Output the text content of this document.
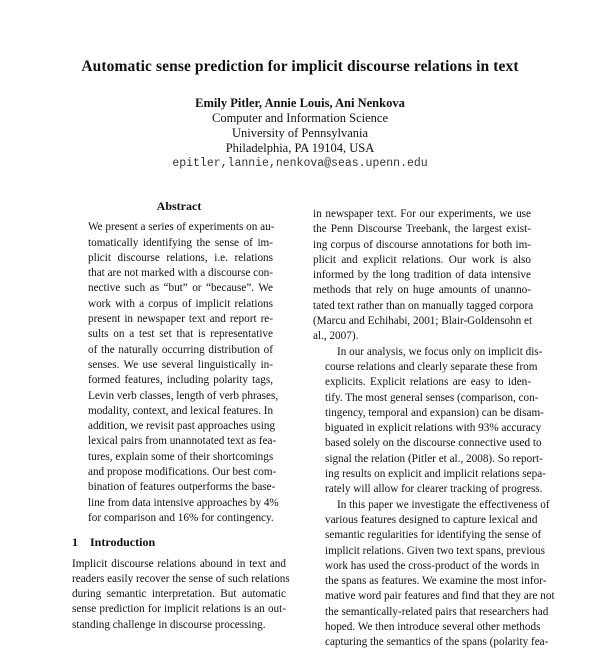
Automatic sense prediction for implicit discourse relations in text
Emily Pitler, Annie Louis, Ani Nenkova
Computer and Information Science
University of Pennsylvania
Philadelphia, PA 19104, USA
epitler,lannie,nenkova@seas.upenn.edu
Abstract
We present a series of experiments on au-
tomatically identifying the sense of im-
plicit discourse relations, i.e. relations
that are not marked with a discourse con-
nective such as “but” or “because”. We
work with a corpus of implicit relations
present in newspaper text and report re-
sults on a test set that is representative
of the naturally occurring distribution of
senses. We use several linguistically in-
formed features, including polarity tags,
Levin verb classes, length of verb phrases,
modality, context, and lexical features. In
addition, we revisit past approaches using
lexical pairs from unannotated text as fea-
tures, explain some of their shortcomings
and propose modifications. Our best com-
bination of features outperforms the base-
line from data intensive approaches by 4%
for comparison and 16% for contingency.
1 Introduction
Implicit discourse relations abound in text and
readers easily recover the sense of such relations
during semantic interpretation. But automatic
sense prediction for implicit relations is an out-
standing challenge in discourse processing.
in newspaper text. For our experiments, we use
the Penn Discourse Treebank, the largest exist-
ing corpus of discourse annotations for both im-
plicit and explicit relations. Our work is also
informed by the long tradition of data intensive
methods that rely on huge amounts of unanno-
tated text rather than on manually tagged corpora
(Marcu and Echihabi, 2001; Blair-Goldensohn et
al., 2007).
In our analysis, we focus only on implicit dis-
course relations and clearly separate these from
explicits. Explicit relations are easy to iden-
tify. The most general senses (comparison, con-
tingency, temporal and expansion) can be disam-
biguated in explicit relations with 93% accuracy
based solely on the discourse connective used to
signal the relation (Pitler et al., 2008). So report-
ing results on explicit and implicit relations sepa-
rately will allow for clearer tracking of progress.
In this paper we investigate the effectiveness of
various features designed to capture lexical and
semantic regularities for identifying the sense of
implicit relations. Given two text spans, previous
work has used the cross-product of the words in
the spans as features. We examine the most infor-
mative word pair features and find that they are not
the semantically-related pairs that researchers had
hoped. We then introduce several other methods
capturing the semantics of the spans (polarity fea-
